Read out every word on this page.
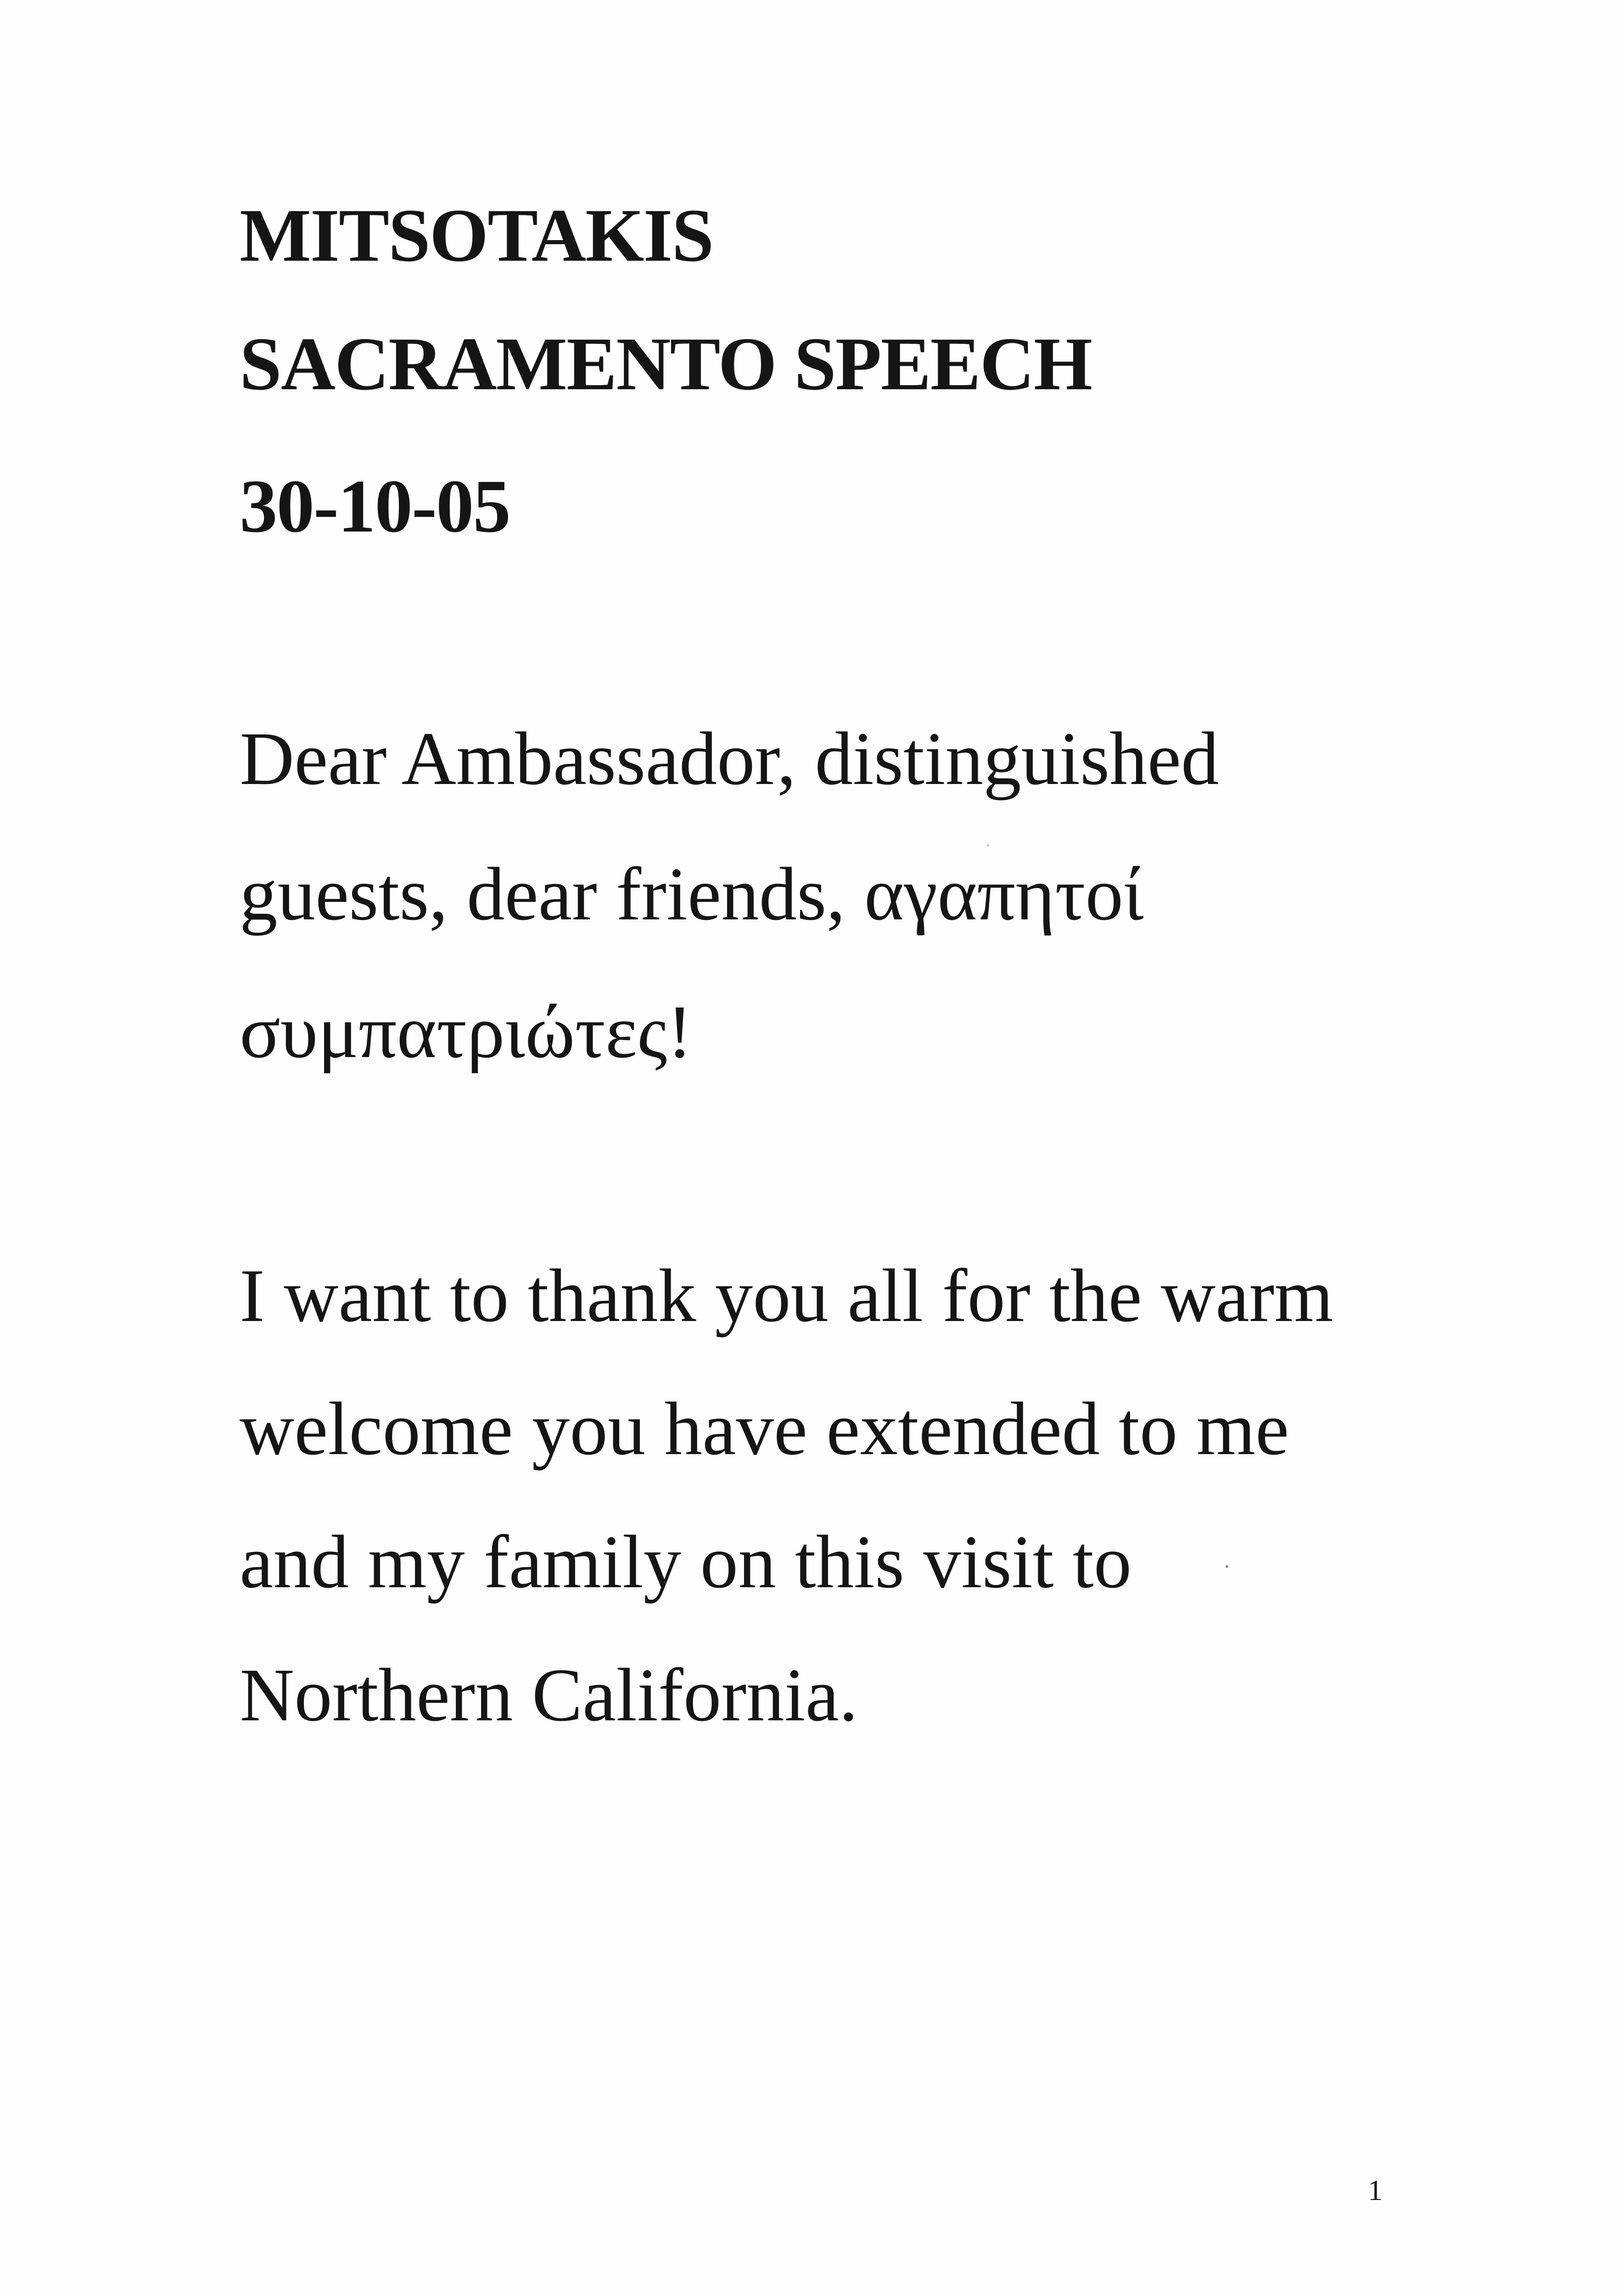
MITSOTAKIS
SACRAMENTO SPEECH
30-10-05
Dear Ambassador, distinguished
guests, dear friends, αγαπητοί
συμπατριώτες!
I want to thank you all for the warm
welcome you have extended to me
and my family on this visit to
Northern California.
1
